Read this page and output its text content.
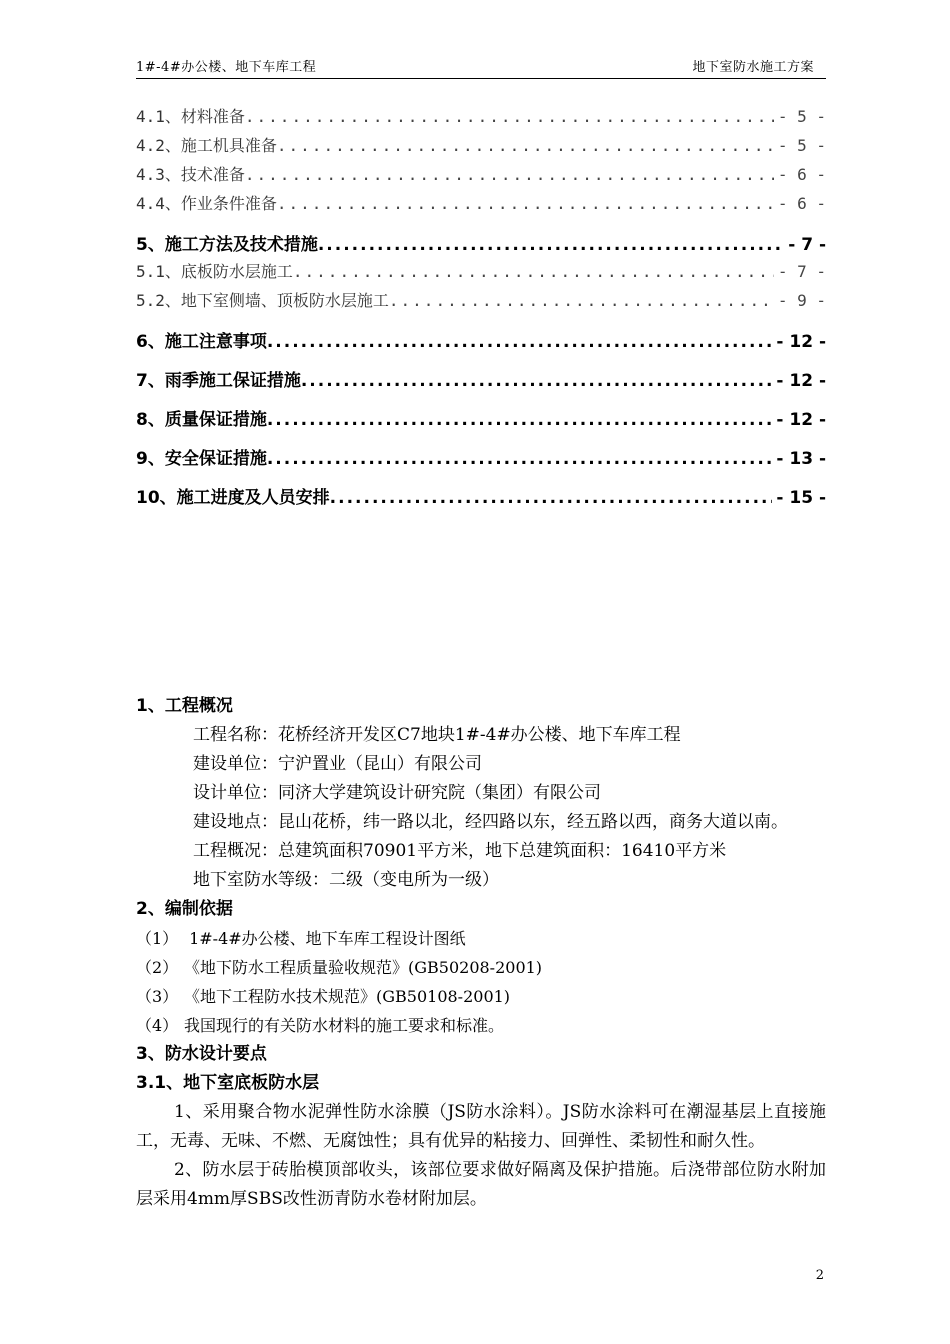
1#-4#办公楼、地下车库工程	地下室防水施工方案
4.1、材料准备 .....	- 5 -
4.2、施工机具准备 .....	- 5 -
4.3、技术准备 .....	- 6 -
4.4、作业条件准备 .....	- 6 -
5、施工方法及技术措施 .....	- 7 -
5.1、底板防水层施工 .....	- 7 -
5.2、地下室侧墙、顶板防水层施工 .....	- 9 -
6、施工注意事项 .....	- 12 -
7、雨季施工保证措施 .....	- 12 -
8、质量保证措施 .....	- 12 -
9、安全保证措施 .....	- 13 -
10、施工进度及人员安排 .....	- 15 -
1、工程概况
工程名称：花桥经济开发区C7地块1#-4#办公楼、地下车库工程
建设单位：宁沪置业（昆山）有限公司
设计单位：同济大学建筑设计研究院（集团）有限公司
建设地点：昆山花桥，纬一路以北，经四路以东，经五路以西，商务大道以南。
工程概况：总建筑面积70901平方米，地下总建筑面积：16410平方米
地下室防水等级：二级（变电所为一级）
2、编制依据
（1） 1#-4#办公楼、地下车库工程设计图纸
（2） 《地下防水工程质量验收规范》(GB50208-2001)
（3） 《地下工程防水技术规范》(GB50108-2001)
（4） 我国现行的有关防水材料的施工要求和标准。
3、防水设计要点
3.1、地下室底板防水层
1、采用聚合物水泥弹性防水涂膜（JS防水涂料）。JS防水涂料可在潮湿基层上直接施工，无毒、无味、不燃、无腐蚀性；具有优异的粘接力、回弹性、柔韧性和耐久性。
2、防水层于砖胎模顶部收头，该部位要求做好隔离及保护措施。后浇带部位防水附加层采用4mm厚SBS改性沥青防水卷材附加层。
2
